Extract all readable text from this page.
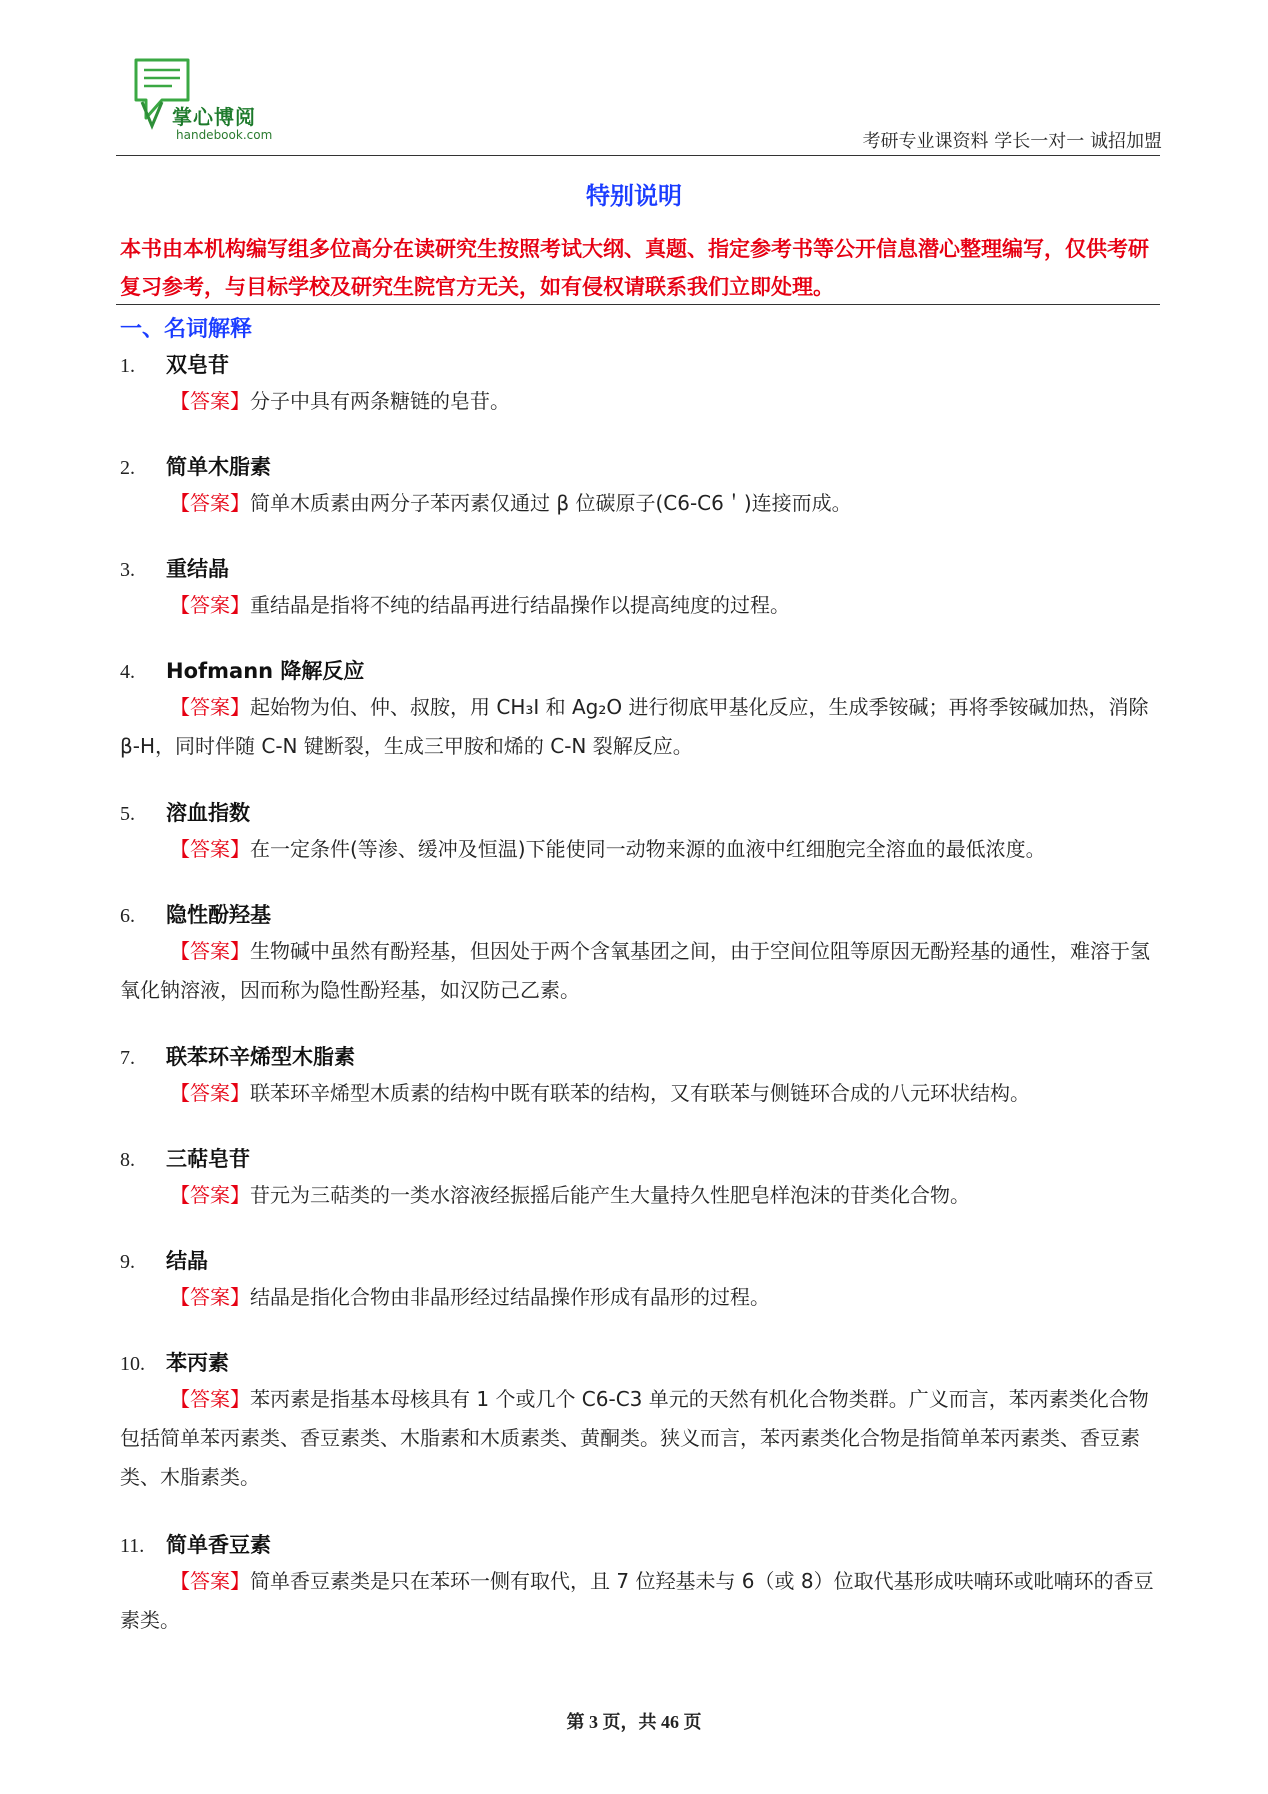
掌心博阅
handebook.com	考研专业课资料 学长一对一 诚招加盟
特别说明
本书由本机构编写组多位高分在读研究生按照考试大纲、真题、指定参考书等公开信息潜心整理编写，仅供考研复习参考，与目标学校及研究生院官方无关，如有侵权请联系我们立即处理。
一、名词解释
1. 双皂苷
【答案】分子中具有两条糖链的皂苷。
2. 简单木脂素
【答案】简单木质素由两分子苯丙素仅通过 β 位碳原子(C6-C6＇)连接而成。
3. 重结晶
【答案】重结晶是指将不纯的结晶再进行结晶操作以提高纯度的过程。
4. Hofmann 降解反应
【答案】起始物为伯、仲、叔胺，用 CH₃I 和 Ag₂O 进行彻底甲基化反应，生成季铵碱；再将季铵碱加热，消除 β-H，同时伴随 C-N 键断裂，生成三甲胺和烯的 C-N 裂解反应。
5. 溶血指数
【答案】在一定条件(等渗、缓冲及恒温)下能使同一动物来源的血液中红细胞完全溶血的最低浓度。
6. 隐性酚羟基
【答案】生物碱中虽然有酚羟基，但因处于两个含氧基团之间，由于空间位阻等原因无酚羟基的通性，难溶于氢氧化钠溶液，因而称为隐性酚羟基，如汉防己乙素。
7. 联苯环辛烯型木脂素
【答案】联苯环辛烯型木质素的结构中既有联苯的结构，又有联苯与侧链环合成的八元环状结构。
8. 三萜皂苷
【答案】苷元为三萜类的一类水溶液经振摇后能产生大量持久性肥皂样泡沫的苷类化合物。
9. 结晶
【答案】结晶是指化合物由非晶形经过结晶操作形成有晶形的过程。
10. 苯丙素
【答案】苯丙素是指基本母核具有 1 个或几个 C6-C3 单元的天然有机化合物类群。广义而言，苯丙素类化合物包括简单苯丙素类、香豆素类、木脂素和木质素类、黄酮类。狭义而言，苯丙素类化合物是指简单苯丙素类、香豆素类、木脂素类。
11. 简单香豆素
【答案】简单香豆素类是只在苯环一侧有取代，且 7 位羟基未与 6（或 8）位取代基形成呋喃环或吡喃环的香豆素类。
第 3 页，共 46 页
